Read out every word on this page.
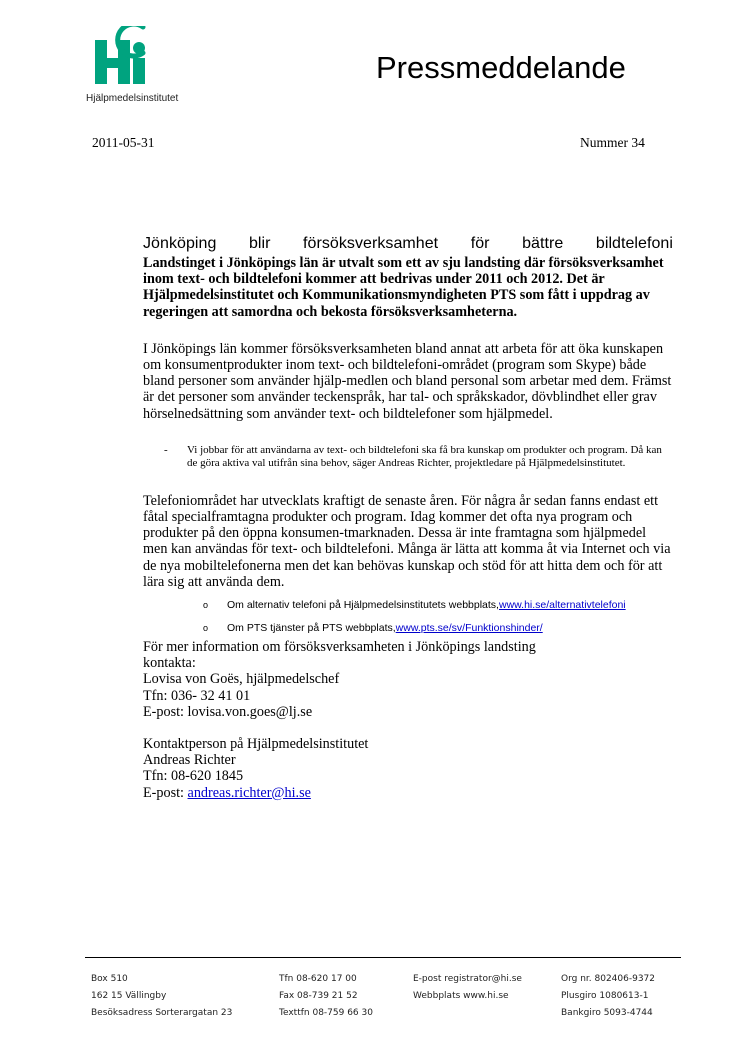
Hjälpmedelsinstitutet
Pressmeddelande
2011-05-31	Nummer 34

Jönköping blir försöksverksamhet för bättre bildtelefoni

Landstinget i Jönköpings län är utvalt som ett av sju landsting där försöksverksamhet inom text- och bildtelefoni kommer att bedrivas under 2011 och 2012. Det är Hjälpmedelsinstitutet och Kommunikationsmyndigheten PTS som fått i uppdrag av regeringen att samordna och bekosta försöksverksamheterna.

I Jönköpings län kommer försöksverksamheten bland annat att arbeta för att öka kunskapen om konsumentprodukter inom text- och bildtelefoni-området (program som Skype) både bland personer som använder hjälp-medlen och bland personal som arbetar med dem. Främst är det personer som använder teckenspråk, har tal- och språkskador, dövblindhet eller grav hörselnedsättning som använder text- och bildtelefoner som hjälpmedel.

-	Vi jobbar för att användarna av text- och bildtelefoni ska få bra kunskap om produkter och program. Då kan de göra aktiva val utifrån sina behov, säger Andreas Richter, projektledare på Hjälpmedelsinstitutet.

Telefoniområdet har utvecklats kraftigt de senaste åren. För några år sedan fanns endast ett fåtal specialframtagna produkter och program. Idag kommer det ofta nya program och produkter på den öppna konsumen-tmarknaden. Dessa är inte framtagna som hjälpmedel men kan användas för text- och bildtelefoni. Många är lätta att komma åt via Internet och via de nya mobiltelefonerna men det kan behövas kunskap och stöd för att hitta dem och för att lära sig att använda dem.

o	Om alternativ telefoni på Hjälpmedelsinstitutets webbplats, www.hi.se/alternativtelefoni
o	Om PTS tjänster på PTS webbplats, www.pts.se/sv/Funktionshinder/

För mer information om försöksverksamheten i Jönköpings landsting

kontakta:

Lovisa von Goës, hjälpmedelschef

Tfn: 036- 32 41 01

E-post: lovisa.von.goes@lj.se

Kontaktperson på Hjälpmedelsinstitutet

Andreas Richter

Tfn: 08-620 1845

E-post: andreas.richter@hi.se

Box 510
162 15 Vällingby
Besöksadress Sorterargatan 23
Tfn 08-620 17 00
Fax 08-739 21 52
Texttfn 08-759 66 30
E-post registrator@hi.se
Webbplats www.hi.se
Org nr. 802406-9372
Plusgiro 1080613-1
Bankgiro 5093-4744
